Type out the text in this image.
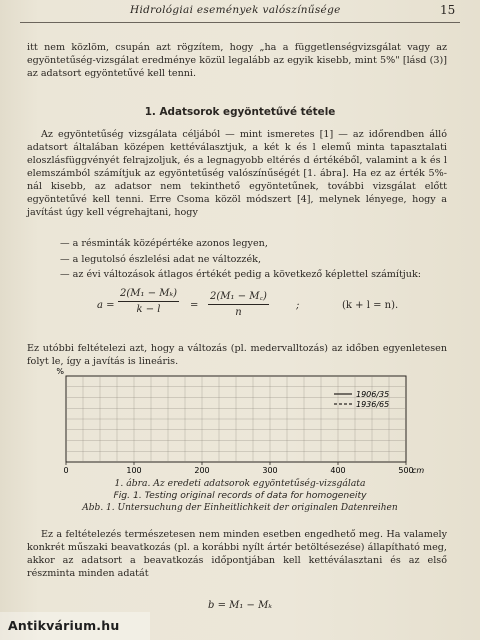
Hidrológiai események valószínűsége	15

itt nem közlöm, csupán azt rögzítem, hogy „ha a függetlenségvizsgálat vagy az egyöntetűség-vizsgálat eredménye közül legalább az egyik kisebb, mint 5%" [lásd (3)] az adatsort egyöntetűvé kell tenni.

1. Adatsorok egyöntetűvé tétele

Az egyöntetűség vizsgálata céljából — mint ismeretes [1] — az időrendben álló adatsort általában középen kettéválasztjuk, a két k és l elemű minta tapasztalati eloszlásfüggvényét felrajzoljuk, és a legnagyobb eltérés d értékéből, valamint a k és l elemszámból számítjuk az egyöntetűség valószínűségét [1. ábra]. Ha ez az érték 5%-nál kisebb, az adatsor nem tekinthető egyöntetűnek, további vizsgálat előtt egyöntetűvé kell tenni. Erre Csoma közöl módszert [4], melynek lényege, hogy a javítást úgy kell végrehajtani, hogy

— a résminták középértéke azonos legyen,
— a legutolsó észlelési adat ne változzék,
— az évi változások átlagos értékét pedig a következő képlettel számítjuk:
$a = \frac{\text{2(M₁ − Mₖ)}}{k - l} = \frac{\text{2(M₁ − M꜀)}}{n}$	;	(k + l = n).

Ez utóbbi feltételezi azt, hogy a változás (pl. medervalltozás) az időben egyenletesen folyt le, így a javítás is lineáris.

0	100	200	300	400	500
%
cm
1906/35
1936/65
1. ábra. Az eredeti adatsorok egyöntetűség-vizsgálata
Fig. 1. Testing original records of data for homogeneity
Abb. 1. Untersuchung der Einheitlichkeit der originalen Datenreihen

Ez a feltételezés természetesen nem minden esetben engedhető meg. Ha valamely konkrét műszaki beavatkozás (pl. a korábbi nyílt ártér betöltésezése) állapítható meg, akkor az adatsort a beavatkozás időpontjában kell kettéválasztani és az első részminta minden adatát

b = M₁ − Mₖ
Antikvárium.hu
